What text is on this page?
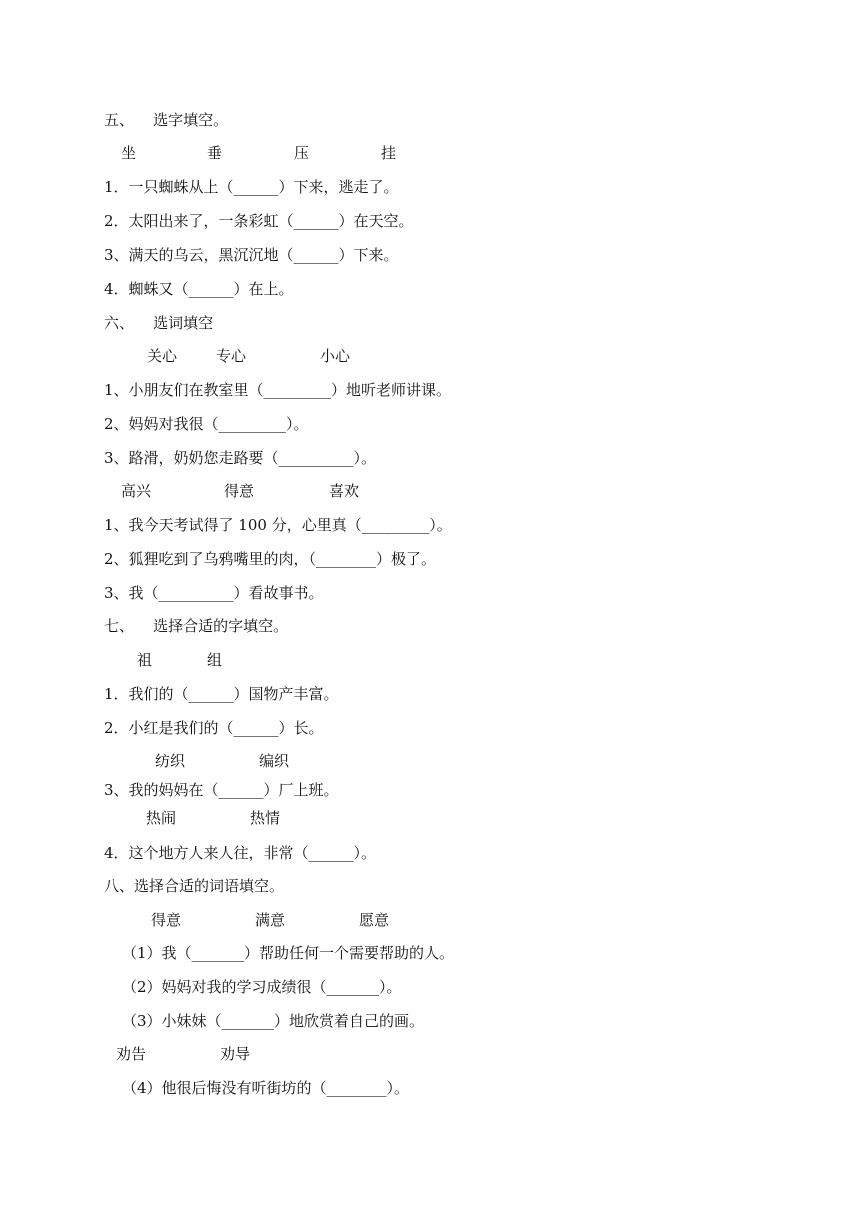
五、    选字填空。
坐	垂	压	挂
1．一只蜘蛛从上（______）下来，逃走了。
2．太阳出来了，一条彩虹（______）在天空。
3、满天的乌云，黑沉沉地（______）下来。
4．蜘蛛又（______）在上。
六、    选词填空
关心	专心	小心
1、小朋友们在教室里（_________）地听老师讲课。
2、妈妈对我很（_________）。
3、路滑，奶奶您走路要（__________）。
高兴	得意	喜欢
1、我今天考试得了 100 分，心里真（_________）。
2、狐狸吃到了乌鸦嘴里的肉，（________）极了。
3、我（__________）看故事书。
七、    选择合适的字填空。
祖	组
1．我们的（______）国物产丰富。
2．小红是我们的（______）长。
纺织	编织
3、我的妈妈在（______）厂上班。
热闹	热情
4．这个地方人来人往，非常（______）。
八、选择合适的词语填空。
得意	满意	愿意
（1）我（_______）帮助任何一个需要帮助的人。
（2）妈妈对我的学习成绩很（_______）。
（3）小妹妹（_______）地欣赏着自己的画。
劝告	劝导
（4）他很后悔没有听街坊的（________）。
